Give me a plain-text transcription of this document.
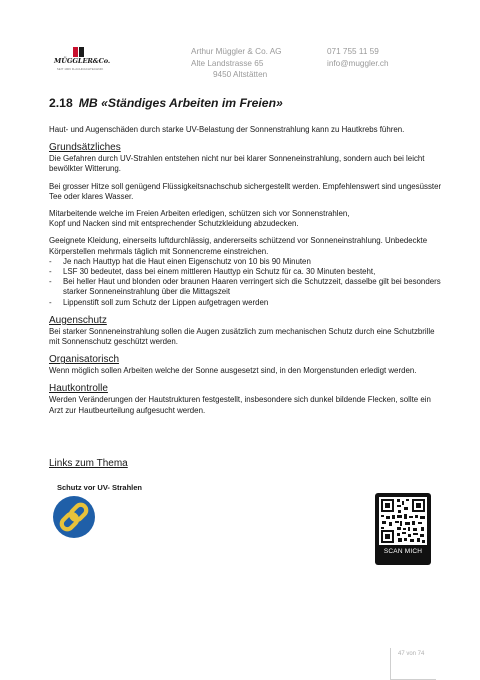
MÜGGLER&Co.
SEIT 1906 FLACHDACHTECHNIK
Arthur Müggler & Co. AG
Alte Landstrasse 65
9450 Altstätten
071 755 11 59
info@muggler.ch
2.18 MB «Ständiges Arbeiten im Freien»

Haut- und Augenschäden durch starke UV-Belastung der Sonnenstrahlung kann zu Hautkrebs führen.

Grundsätzliches

Die Gefahren durch UV-Strahlen entstehen nicht nur bei klarer Sonneneinstrahlung, sondern auch bei leicht bewölkter Witterung.

Bei grosser Hitze soll genügend Flüssigkeitsnachschub sichergestellt werden. Empfehlenswert sind ungesüsster Tee oder klares Wasser.

Mitarbeitende welche im Freien Arbeiten erledigen, schützen sich vor Sonnenstrahlen,
Kopf und Nacken sind mit entsprechender Schutzkleidung abzudecken.

Geeignete Kleidung, einerseits luftdurchlässig, andererseits schützend vor Sonneneinstrahlung. Unbedeckte Körperstellen mehrmals täglich mit Sonnencreme einstreichen.

- Je nach Hauttyp hat die Haut einen Eigenschutz von 10 bis 90 Minuten
- LSF 30 bedeutet, dass bei einem mittleren Hauttyp ein Schutz für ca. 30 Minuten besteht,
- Bei heller Haut und blonden oder braunen Haaren verringert sich die Schutzzeit, dasselbe gilt bei besonders starker Sonneneinstrahlung über die Mittagszeit
- Lippenstift soll zum Schutz der Lippen aufgetragen werden
Augenschutz

Bei starker Sonneneinstrahlung sollen die Augen zusätzlich zum mechanischen Schutz durch eine Schutzbrille mit Sonnenschutz geschützt werden.

Organisatorisch

Wenn möglich sollen Arbeiten welche der Sonne ausgesetzt sind, in den Morgenstunden erledigt werden.

Hautkontrolle

Werden Veränderungen der Hautstrukturen festgestellt, insbesondere sich dunkel bildende Flecken, sollte ein Arzt zur Hautbeurteilung aufgesucht werden.

Links zum Thema
Schutz vor UV- Strahlen
SCAN MICH
47 von 74
